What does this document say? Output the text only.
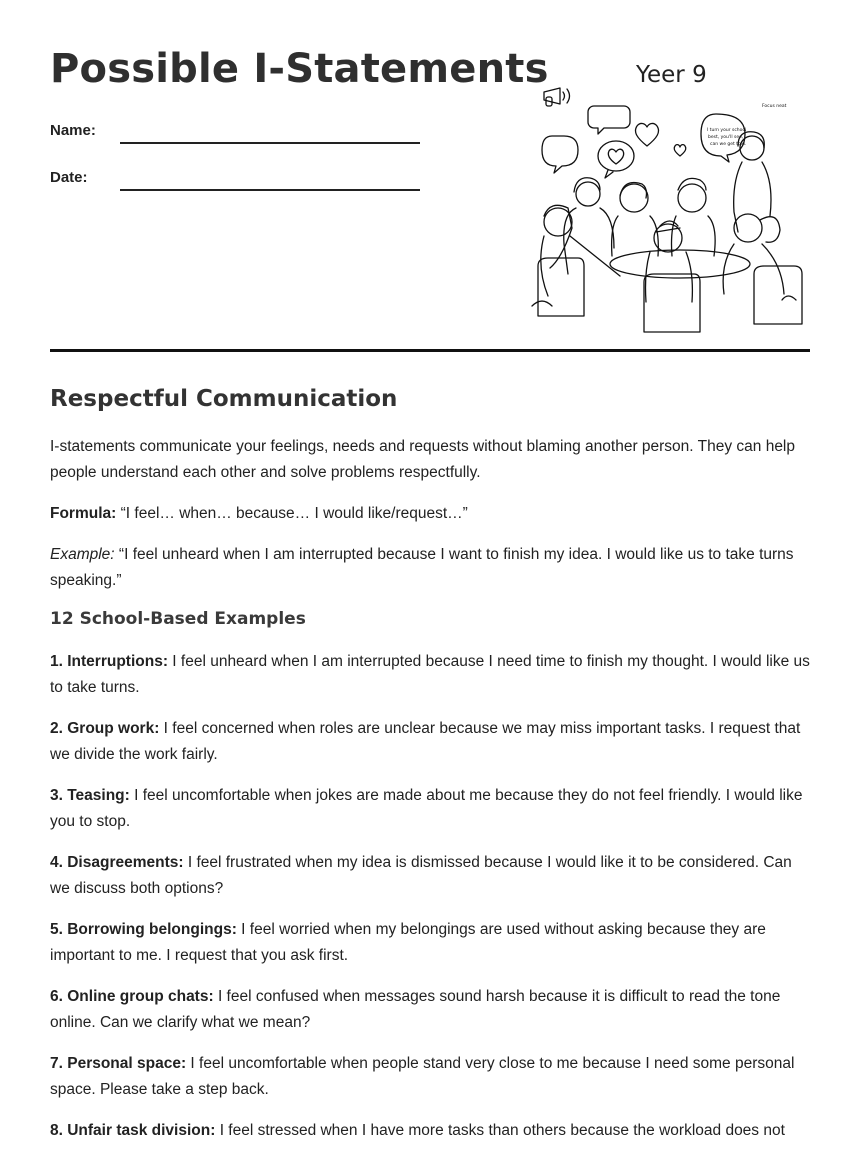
Possible I-Statements
Name:
Date:
Yeer 9
I turn your school
best, you'll see,
can we get told.
Focus neat
Respectful Communication

I-statements communicate your feelings, needs and requests without blaming another person. They can help people understand each other and solve problems respectfully.

Formula: “I feel… when… because… I would like/request…”

Example: “I feel unheard when I am interrupted because I want to finish my idea. I would like us to take turns speaking.”

12 School-Based Examples

1. Interruptions: I feel unheard when I am interrupted because I need time to finish my thought. I would like us to take turns.

2. Group work: I feel concerned when roles are unclear because we may miss important tasks. I request that we divide the work fairly.

3. Teasing: I feel uncomfortable when jokes are made about me because they do not feel friendly. I would like you to stop.

4. Disagreements: I feel frustrated when my idea is dismissed because I would like it to be considered. Can we discuss both options?

5. Borrowing belongings: I feel worried when my belongings are used without asking because they are important to me. I request that you ask first.

6. Online group chats: I feel confused when messages sound harsh because it is difficult to read the tone online. Can we clarify what we mean?

7. Personal space: I feel uncomfortable when people stand very close to me because I need some personal space. Please take a step back.

8. Unfair task division: I feel stressed when I have more tasks than others because the workload does not
